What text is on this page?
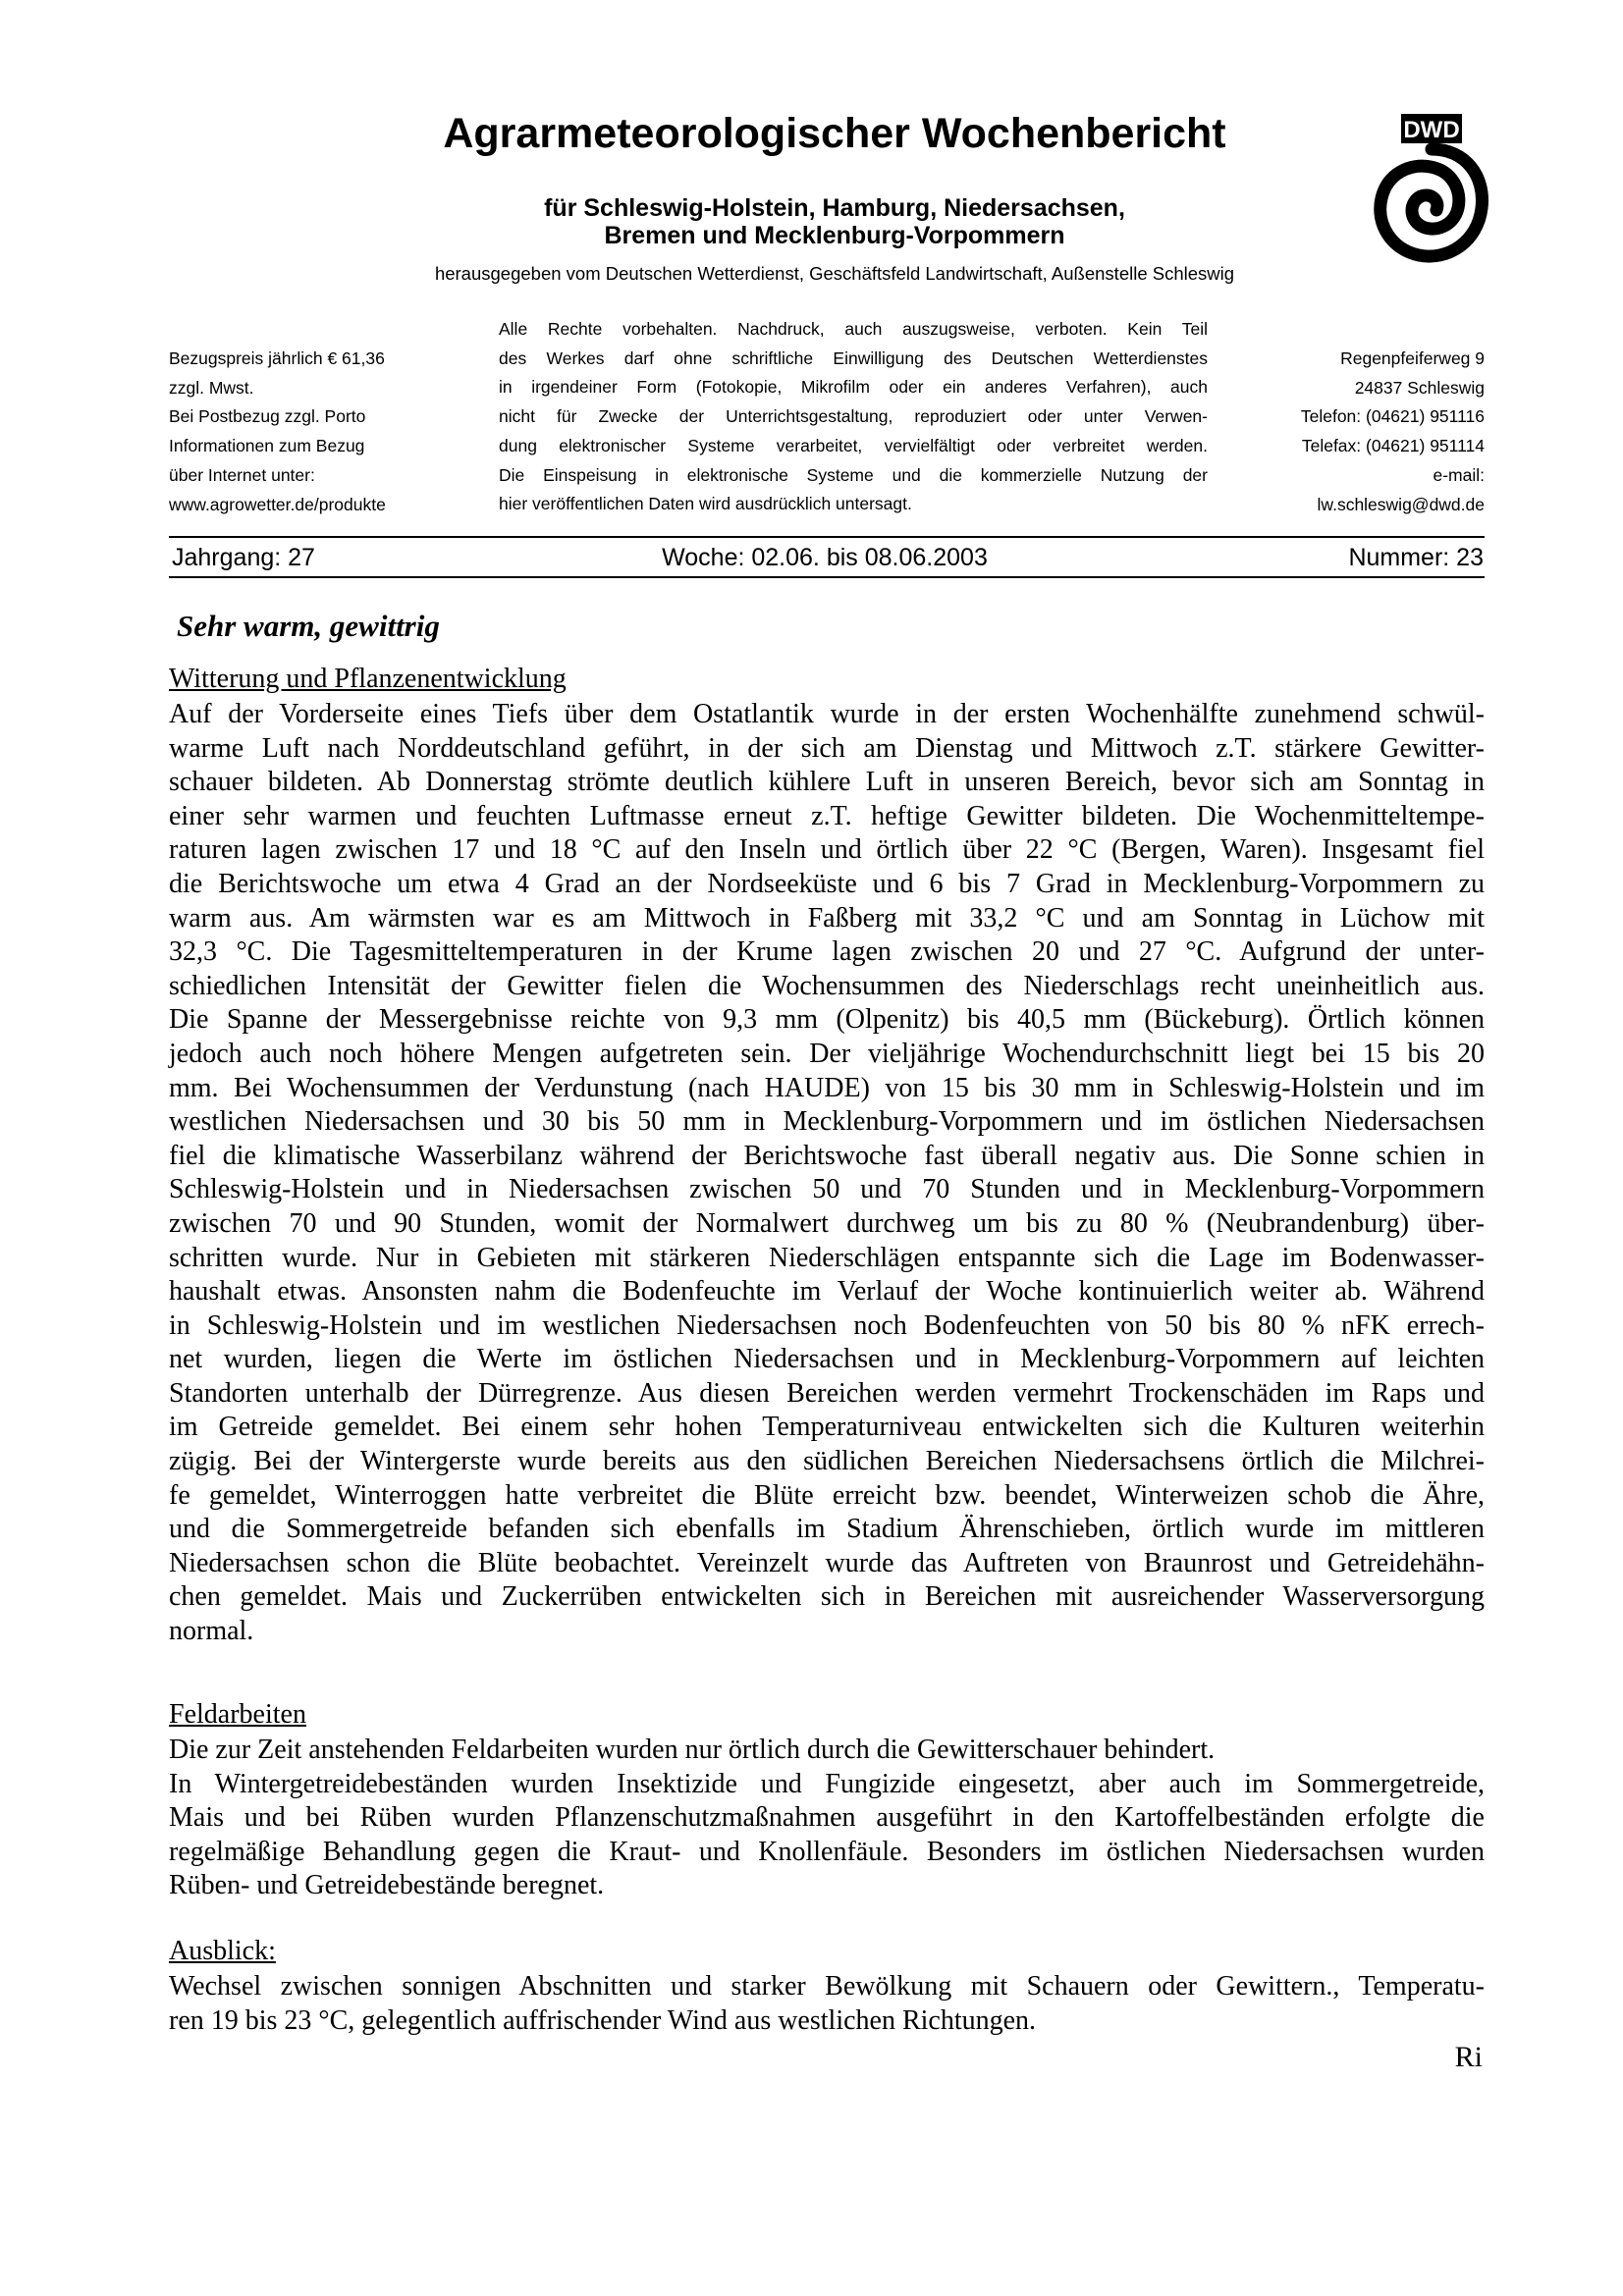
Agrarmeteorologischer Wochenbericht
für Schleswig-Holstein, Hamburg, Niedersachsen,
Bremen und Mecklenburg-Vorpommern
herausgegeben vom Deutschen Wetterdienst, Geschäftsfeld Landwirtschaft, Außenstelle Schleswig
DWD
Bezugspreis jährlich € 61,36
zzgl. Mwst.
Bei Postbezug zzgl. Porto
Informationen zum Bezug
über Internet unter:
www.agrowetter.de/produkte
Alle Rechte vorbehalten. Nachdruck, auch auszugsweise, verboten. Kein Teil
des Werkes darf ohne schriftliche Einwilligung des Deutschen Wetterdienstes
in irgendeiner Form (Fotokopie, Mikrofilm oder ein anderes Verfahren), auch
nicht für Zwecke der Unterrichtsgestaltung, reproduziert oder unter Verwen-
dung elektronischer Systeme verarbeitet, vervielfältigt oder verbreitet werden.
Die Einspeisung in elektronische Systeme und die kommerzielle Nutzung der
hier veröffentlichen Daten wird ausdrücklich untersagt.
Regenpfeiferweg 9
24837 Schleswig
Telefon: (04621) 951116
Telefax: (04621) 951114
e-mail:
lw.schleswig@dwd.de
Jahrgang: 27	Woche: 02.06. bis 08.06.2003	Nummer: 23
Sehr warm, gewittrig
Witterung und Pflanzenentwicklung
Auf der Vorderseite eines Tiefs über dem Ostatlantik wurde in der ersten Wochenhälfte zunehmend schwül-
warme Luft nach Norddeutschland geführt, in der sich am Dienstag und Mittwoch z.T. stärkere Gewitter-
schauer bildeten. Ab Donnerstag strömte deutlich kühlere Luft in unseren Bereich, bevor sich am Sonntag in
einer sehr warmen und feuchten Luftmasse erneut z.T. heftige Gewitter bildeten. Die Wochenmitteltempe-
raturen lagen zwischen 17 und 18 °C auf den Inseln und örtlich über 22 °C (Bergen, Waren). Insgesamt fiel
die Berichtswoche um etwa 4 Grad an der Nordseeküste und 6 bis 7 Grad in Mecklenburg-Vorpommern zu
warm aus. Am wärmsten war es am Mittwoch in Faßberg mit 33,2 °C und am Sonntag in Lüchow mit
32,3 °C. Die Tagesmitteltemperaturen in der Krume lagen zwischen 20 und 27 °C. Aufgrund der unter-
schiedlichen Intensität der Gewitter fielen die Wochensummen des Niederschlags recht uneinheitlich aus.
Die Spanne der Messergebnisse reichte von 9,3 mm (Olpenitz) bis 40,5 mm (Bückeburg). Örtlich können
jedoch auch noch höhere Mengen aufgetreten sein. Der vieljährige Wochendurchschnitt liegt bei 15 bis 20
mm. Bei Wochensummen der Verdunstung (nach HAUDE) von 15 bis 30 mm in Schleswig-Holstein und im
westlichen Niedersachsen und 30 bis 50 mm in Mecklenburg-Vorpommern und im östlichen Niedersachsen
fiel die klimatische Wasserbilanz während der Berichtswoche fast überall negativ aus. Die Sonne schien in
Schleswig-Holstein und in Niedersachsen zwischen 50 und 70 Stunden und in Mecklenburg-Vorpommern
zwischen 70 und 90 Stunden, womit der Normalwert durchweg um bis zu 80 % (Neubrandenburg) über-
schritten wurde. Nur in Gebieten mit stärkeren Niederschlägen entspannte sich die Lage im Bodenwasser-
haushalt etwas. Ansonsten nahm die Bodenfeuchte im Verlauf der Woche kontinuierlich weiter ab. Während
in Schleswig-Holstein und im westlichen Niedersachsen noch Bodenfeuchten von 50 bis 80 % nFK errech-
net wurden, liegen die Werte im östlichen Niedersachsen und in Mecklenburg-Vorpommern auf leichten
Standorten unterhalb der Dürregrenze. Aus diesen Bereichen werden vermehrt Trockenschäden im Raps und
im Getreide gemeldet. Bei einem sehr hohen Temperaturniveau entwickelten sich die Kulturen weiterhin
zügig. Bei der Wintergerste wurde bereits aus den südlichen Bereichen Niedersachsens örtlich die Milchrei-
fe gemeldet, Winterroggen hatte verbreitet die Blüte erreicht bzw. beendet, Winterweizen schob die Ähre,
und die Sommergetreide befanden sich ebenfalls im Stadium Ährenschieben, örtlich wurde im mittleren
Niedersachsen schon die Blüte beobachtet. Vereinzelt wurde das Auftreten von Braunrost und Getreidehähn-
chen gemeldet. Mais und Zuckerrüben entwickelten sich in Bereichen mit ausreichender Wasserversorgung
normal.
Feldarbeiten
Die zur Zeit anstehenden Feldarbeiten wurden nur örtlich durch die Gewitterschauer behindert.
In Wintergetreidebeständen wurden Insektizide und Fungizide eingesetzt, aber auch im Sommergetreide,
Mais und bei Rüben wurden Pflanzenschutzmaßnahmen ausgeführt in den Kartoffelbeständen erfolgte die
regelmäßige Behandlung gegen die Kraut- und Knollenfäule. Besonders im östlichen Niedersachsen wurden
Rüben- und Getreidebestände beregnet.
Ausblick:
Wechsel zwischen sonnigen Abschnitten und starker Bewölkung mit Schauern oder Gewittern., Temperatu-
ren 19 bis 23 °C, gelegentlich auffrischender Wind aus westlichen Richtungen.
Ri
